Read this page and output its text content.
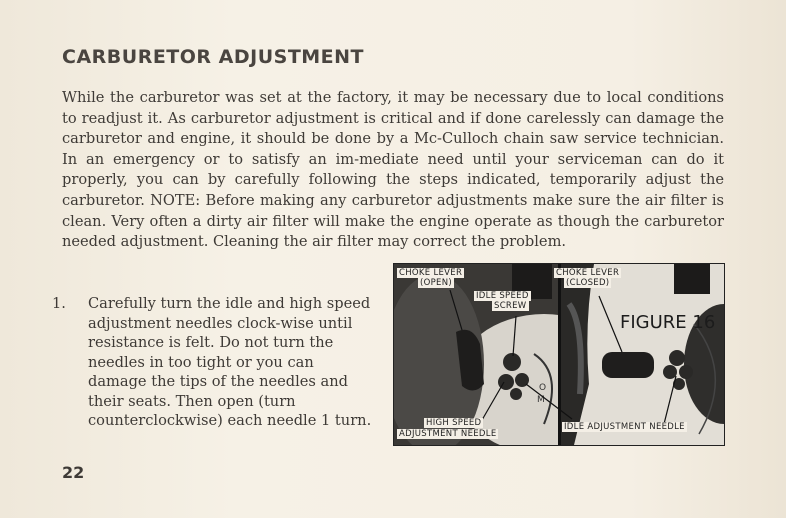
CARBURETOR ADJUSTMENT
While the carburetor was set at the factory, it may be necessary due to local conditions to readjust it. As carburetor adjustment is critical and if done carelessly can damage the carburetor and engine, it should be done by a Mc-Culloch chain saw service technician. In an emergency or to satisfy an im-mediate need until your serviceman can do it properly, you can by carefully following the steps indicated, temporarily adjust the carburetor. NOTE: Before making any carburetor adjustments make sure the air filter is clean. Very often a dirty air filter will make the engine operate as though the carburetor needed adjustment. Cleaning the air filter may correct the problem.
1. Carefully turn the idle and high speed adjustment needles clock-wise until resistance is felt. Do not turn the needles in too tight or you can damage the tips of the needles and their seats. Then open (turn counterclockwise) each needle 1 turn.
O
M
CHOKE LEVER
(OPEN)
IDLE SPEED
SCREW
CHOKE LEVER
(CLOSED)
FIGURE 16
HIGH SPEED
ADJUSTMENT NEEDLE
IDLE ADJUSTMENT NEEDLE
22
